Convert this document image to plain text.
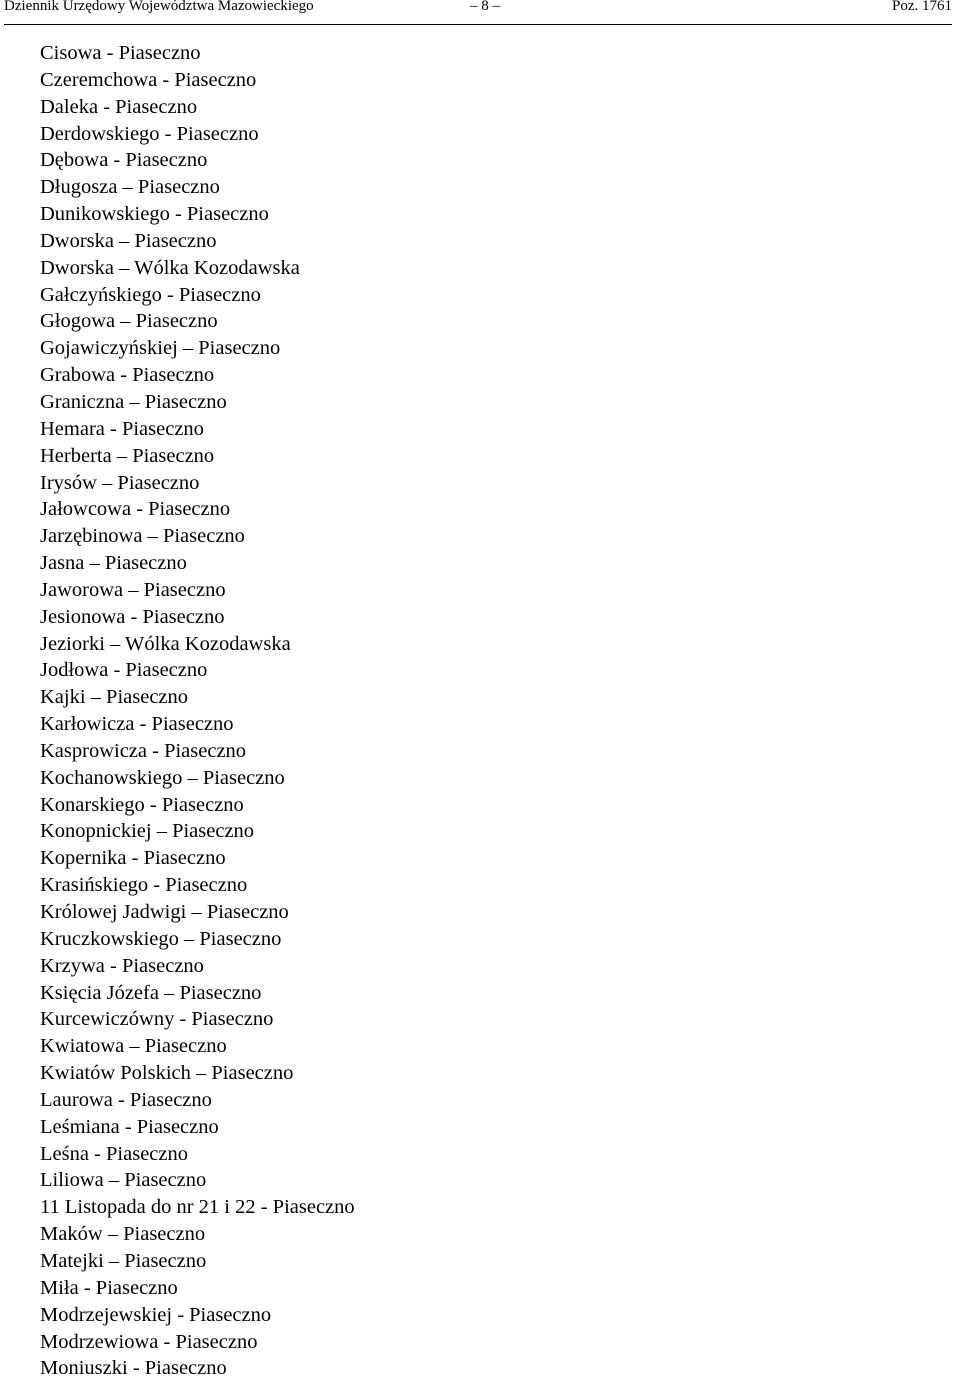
Dziennik Urzędowy Województwa Mazowieckiego	– 8 –	Poz. 1761
Cisowa - Piaseczno
Czeremchowa - Piaseczno
Daleka - Piaseczno
Derdowskiego - Piaseczno
Dębowa - Piaseczno
Długosza – Piaseczno
Dunikowskiego - Piaseczno
Dworska – Piaseczno
Dworska – Wólka Kozodawska
Gałczyńskiego - Piaseczno
Głogowa – Piaseczno
Gojawiczyńskiej – Piaseczno
Grabowa - Piaseczno
Graniczna – Piaseczno
Hemara - Piaseczno
Herberta – Piaseczno
Irysów – Piaseczno
Jałowcowa - Piaseczno
Jarzębinowa – Piaseczno
Jasna – Piaseczno
Jaworowa – Piaseczno
Jesionowa - Piaseczno
Jeziorki – Wólka Kozodawska
Jodłowa - Piaseczno
Kajki – Piaseczno
Karłowicza - Piaseczno
Kasprowicza - Piaseczno
Kochanowskiego – Piaseczno
Konarskiego - Piaseczno
Konopnickiej – Piaseczno
Kopernika - Piaseczno
Krasińskiego - Piaseczno
Królowej Jadwigi – Piaseczno
Kruczkowskiego – Piaseczno
Krzywa - Piaseczno
Księcia Józefa – Piaseczno
Kurcewiczówny - Piaseczno
Kwiatowa – Piaseczno
Kwiatów Polskich – Piaseczno
Laurowa - Piaseczno
Leśmiana - Piaseczno
Leśna - Piaseczno
Liliowa – Piaseczno
11 Listopada do nr 21 i 22 - Piaseczno
Maków – Piaseczno
Matejki – Piaseczno
Miła - Piaseczno
Modrzejewskiej - Piaseczno
Modrzewiowa - Piaseczno
Moniuszki - Piaseczno
